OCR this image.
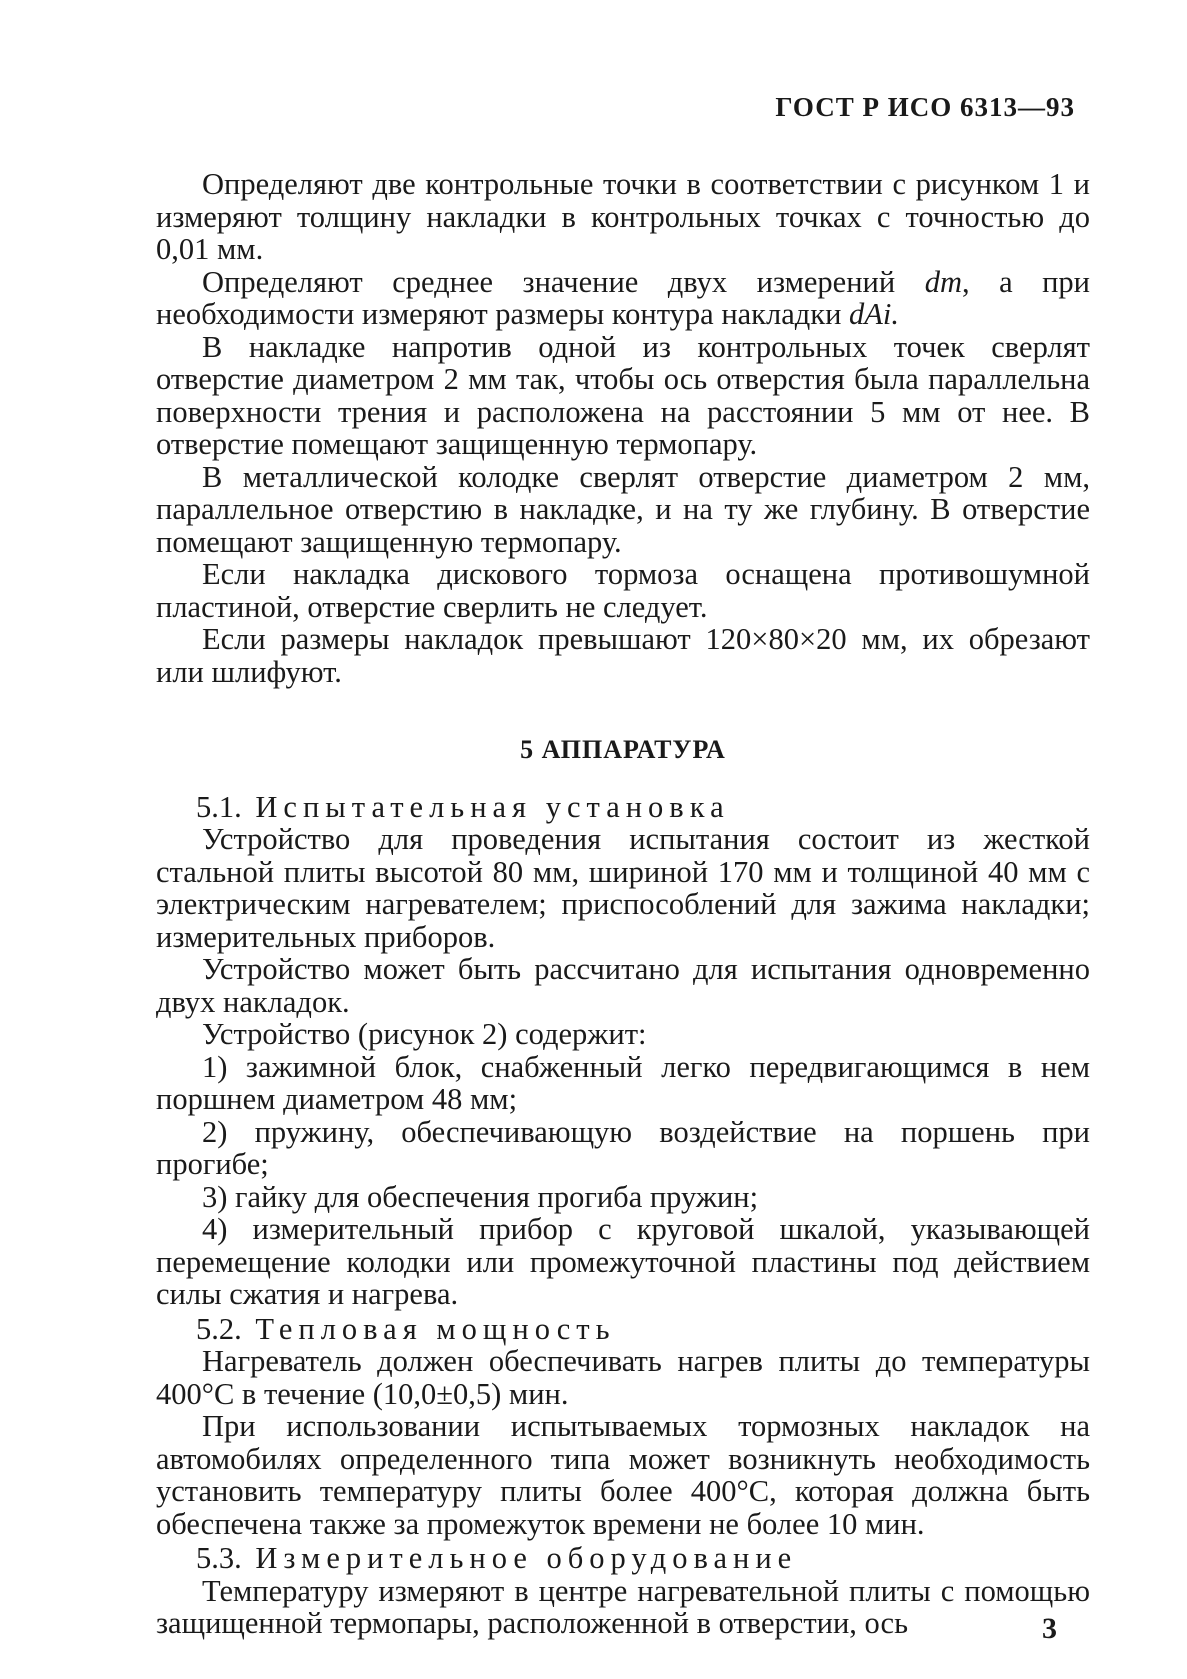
ГОСТ Р ИСО 6313—93

Определяют две контрольные точки в соответствии с рисунком 1 и измеряют толщину накладки в контрольных точках с точностью до 0,01 мм.

Определяют среднее значение двух измерений dm, а при необходимости измеряют размеры контура накладки dAi.

В накладке напротив одной из контрольных точек сверлят отверстие диаметром 2 мм так, чтобы ось отверстия была параллельна поверхности трения и расположена на расстоянии 5 мм от нее. В отверстие помещают защищенную термопару.

В металлической колодке сверлят отверстие диаметром 2 мм, параллельное отверстию в накладке, и на ту же глубину. В отверстие помещают защищенную термопару.

Если накладка дискового тормоза оснащена противошумной пластиной, отверстие сверлить не следует.

Если размеры накладок превышают 120×80×20 мм, их обрезают или шлифуют.

5 АППАРАТУРА

5.1. Испытательная установка

Устройство для проведения испытания состоит из жесткой стальной плиты высотой 80 мм, шириной 170 мм и толщиной 40 мм с электрическим нагревателем; приспособлений для зажима накладки; измерительных приборов.

Устройство может быть рассчитано для испытания одновременно двух накладок.

Устройство (рисунок 2) содержит:

1) зажимной блок, снабженный легко передвигающимся в нем поршнем диаметром 48 мм;

2) пружину, обеспечивающую воздействие на поршень при прогибе;

3) гайку для обеспечения прогиба пружин;

4) измерительный прибор с круговой шкалой, указывающей перемещение колодки или промежуточной пластины под действием силы сжатия и нагрева.

5.2. Тепловая мощность

Нагреватель должен обеспечивать нагрев плиты до температуры 400°С в течение (10,0±0,5) мин.

При использовании испытываемых тормозных накладок на автомобилях определенного типа может возникнуть необходимость установить температуру плиты более 400°С, которая должна быть обеспечена также за промежуток времени не более 10 мин.

5.3. Измерительное оборудование

Температуру измеряют в центре нагревательной плиты с помощью защищенной термопары, расположенной в отверстии, ось	3
